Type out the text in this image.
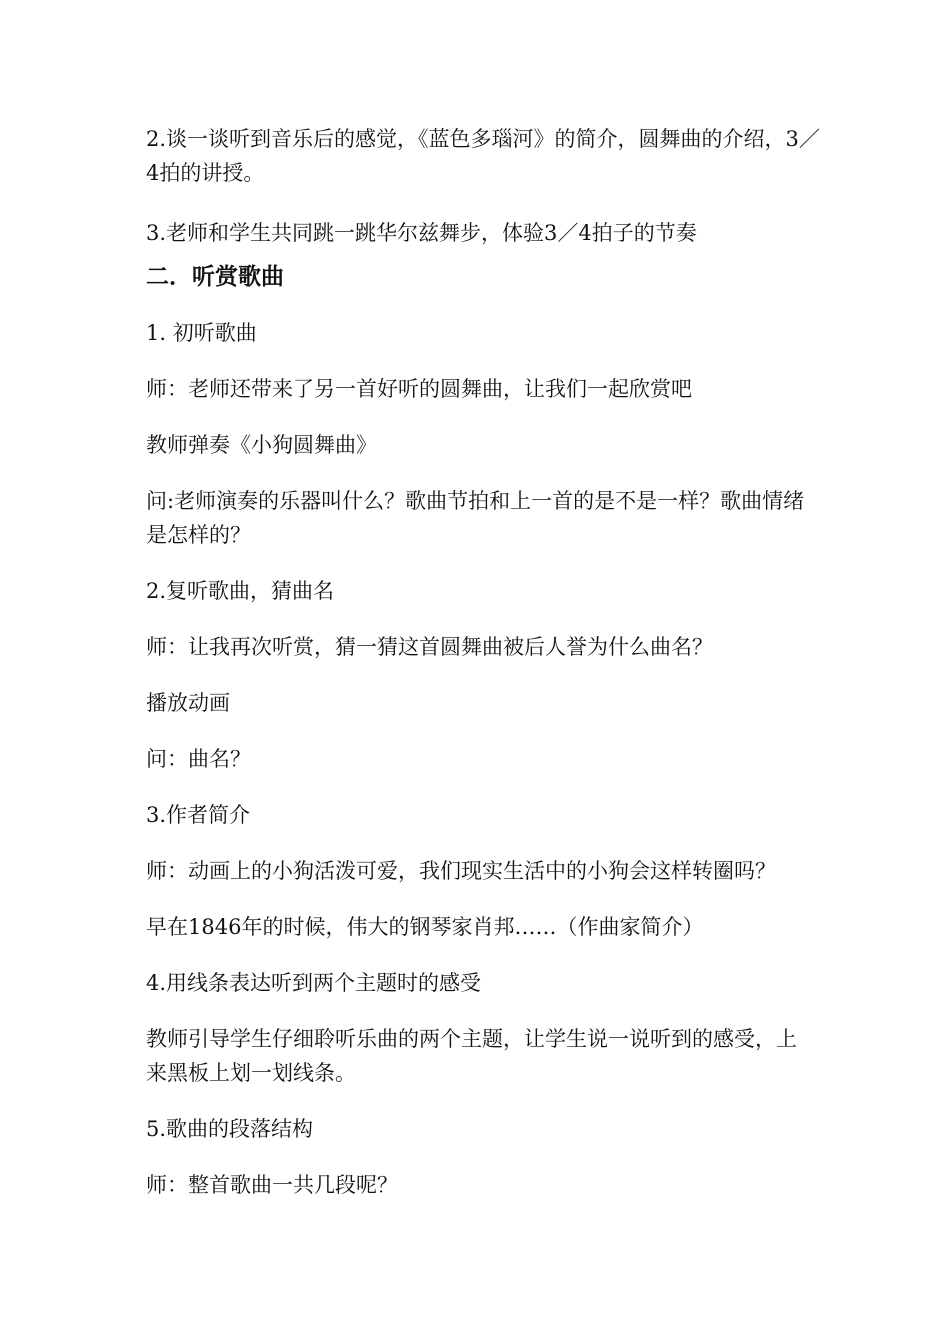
2.谈一谈听到音乐后的感觉，《蓝色多瑙河》的简介，圆舞曲的介绍，3／4拍的讲授。

3.老师和学生共同跳一跳华尔兹舞步，体验3／4拍子的节奏

二．听赏歌曲

1. 初听歌曲

师：老师还带来了另一首好听的圆舞曲，让我们一起欣赏吧

教师弹奏《小狗圆舞曲》

问:老师演奏的乐器叫什么？歌曲节拍和上一首的是不是一样？歌曲情绪是怎样的？

2.复听歌曲，猜曲名

师：让我再次听赏，猜一猜这首圆舞曲被后人誉为什么曲名？

播放动画

问：曲名？

3.作者简介

师：动画上的小狗活泼可爱，我们现实生活中的小狗会这样转圈吗？

早在1846年的时候，伟大的钢琴家肖邦……（作曲家简介）

4.用线条表达听到两个主题时的感受

教师引导学生仔细聆听乐曲的两个主题，让学生说一说听到的感受，上来黑板上划一划线条。

5.歌曲的段落结构

师：整首歌曲一共几段呢？
